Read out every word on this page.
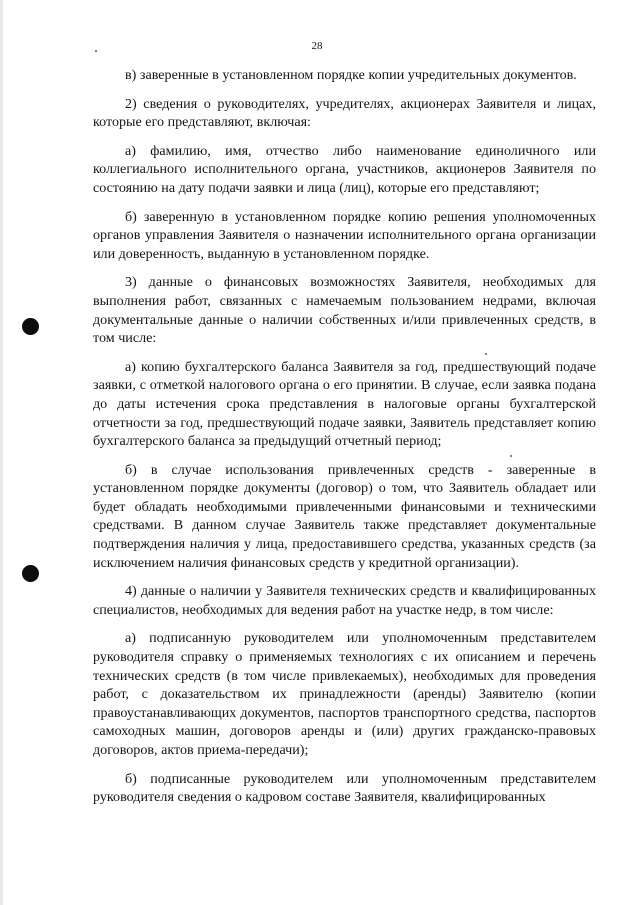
28

в) заверенные в установленном порядке копии учредительных документов.

2) сведения о руководителях, учредителях, акционерах Заявителя и лицах, которые его представляют, включая:

а) фамилию, имя, отчество либо наименование единоличного или коллегиального исполнительного органа, участников, акционеров Заявителя по состоянию на дату подачи заявки и лица (лиц), которые его представляют;

б) заверенную в установленном порядке копию решения уполномоченных органов управления Заявителя о назначении исполнительного органа организации или доверенность, выданную в установленном порядке.

3) данные о финансовых возможностях Заявителя, необходимых для выполнения работ, связанных с намечаемым пользованием недрами, включая документальные данные о наличии собственных и/или привлеченных средств, в том числе:

а) копию бухгалтерского баланса Заявителя за год, предшествующий подаче заявки, с отметкой налогового органа о его принятии. В случае, если заявка подана до даты истечения срока представления в налоговые органы бухгалтерской отчетности за год, предшествующий подаче заявки, Заявитель представляет копию бухгалтерского баланса за предыдущий отчетный период;

б) в случае использования привлеченных средств - заверенные в установленном порядке документы (договор) о том, что Заявитель обладает или будет обладать необходимыми привлеченными финансовыми и техническими средствами. В данном случае Заявитель также представляет документальные подтверждения наличия у лица, предоставившего средства, указанных средств (за исключением наличия финансовых средств у кредитной организации).

4) данные о наличии у Заявителя технических средств и квалифицированных специалистов, необходимых для ведения работ на участке недр, в том числе:

а) подписанную руководителем или уполномоченным представителем руководителя справку о применяемых технологиях с их описанием и перечень технических средств (в том числе привлекаемых), необходимых для проведения работ, с доказательством их принадлежности (аренды) Заявителю (копии правоустанавливающих документов, паспортов транспортного средства, паспортов самоходных машин, договоров аренды и (или) других гражданско-правовых договоров, актов приема-передачи);

б) подписанные руководителем или уполномоченным представителем руководителя сведения о кадровом составе Заявителя, квалифицированных
